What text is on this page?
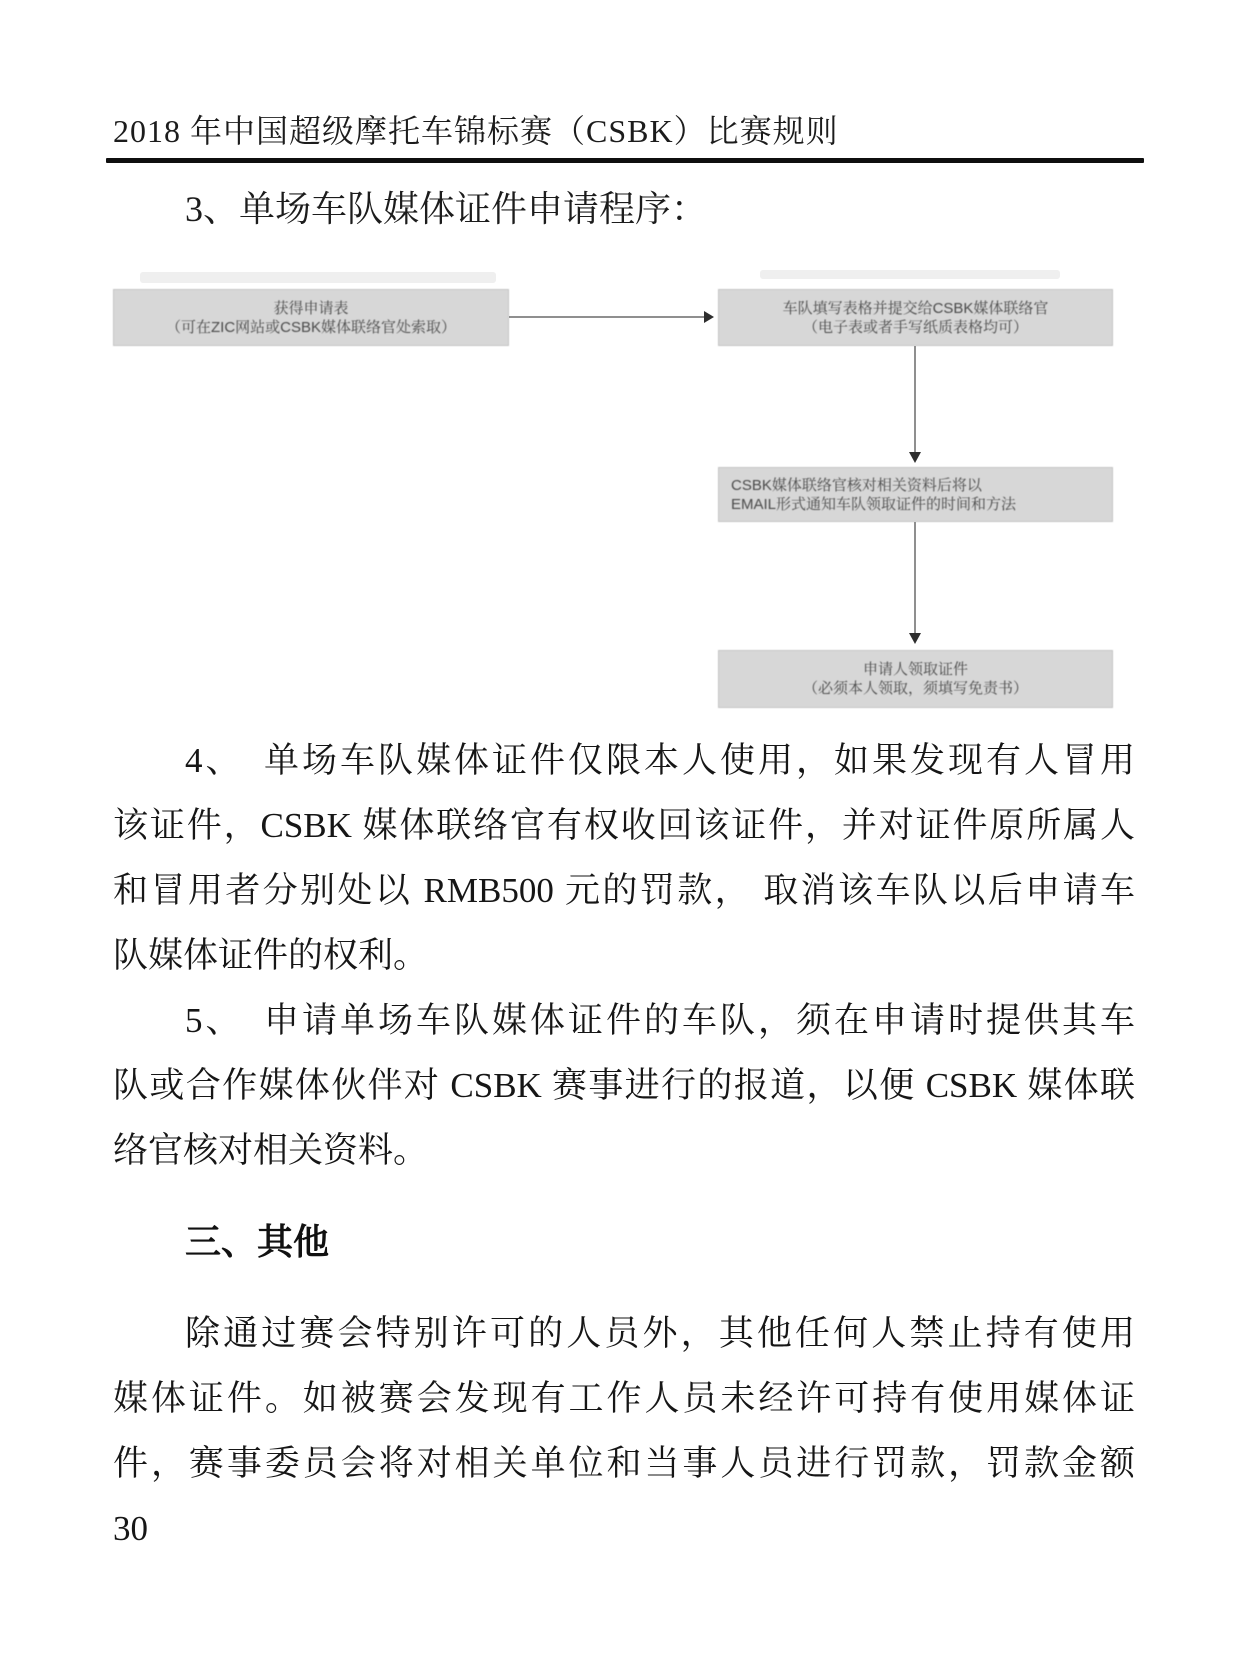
2018 年中国超级摩托车锦标赛（CSBK）比赛规则
3、单场车队媒体证件申请程序：
获得申请表
（可在ZIC网站或CSBK媒体联络官处索取）
车队填写表格并提交给CSBK媒体联络官
（电子表或者手写纸质表格均可）
CSBK媒体联络官核对相关资料后将以
EMAIL形式通知车队领取证件的时间和方法
申请人领取证件
（必须本人领取，须填写免责书）
4、　单场车队媒体证件仅限本人使用，如果发现有人冒用
该证件，CSBK 媒体联络官有权收回该证件，并对证件原所属人
和冒用者分别处以 RMB500 元的罚款， 取消该车队以后申请车
队媒体证件的权利。
5、　申请单场车队媒体证件的车队，须在申请时提供其车
队或合作媒体伙伴对 CSBK 赛事进行的报道，以便 CSBK 媒体联
络官核对相关资料。
三、其他
除通过赛会特别许可的人员外，其他任何人禁止持有使用
媒体证件。如被赛会发现有工作人员未经许可持有使用媒体证
件，赛事委员会将对相关单位和当事人员进行罚款，罚款金额
30
